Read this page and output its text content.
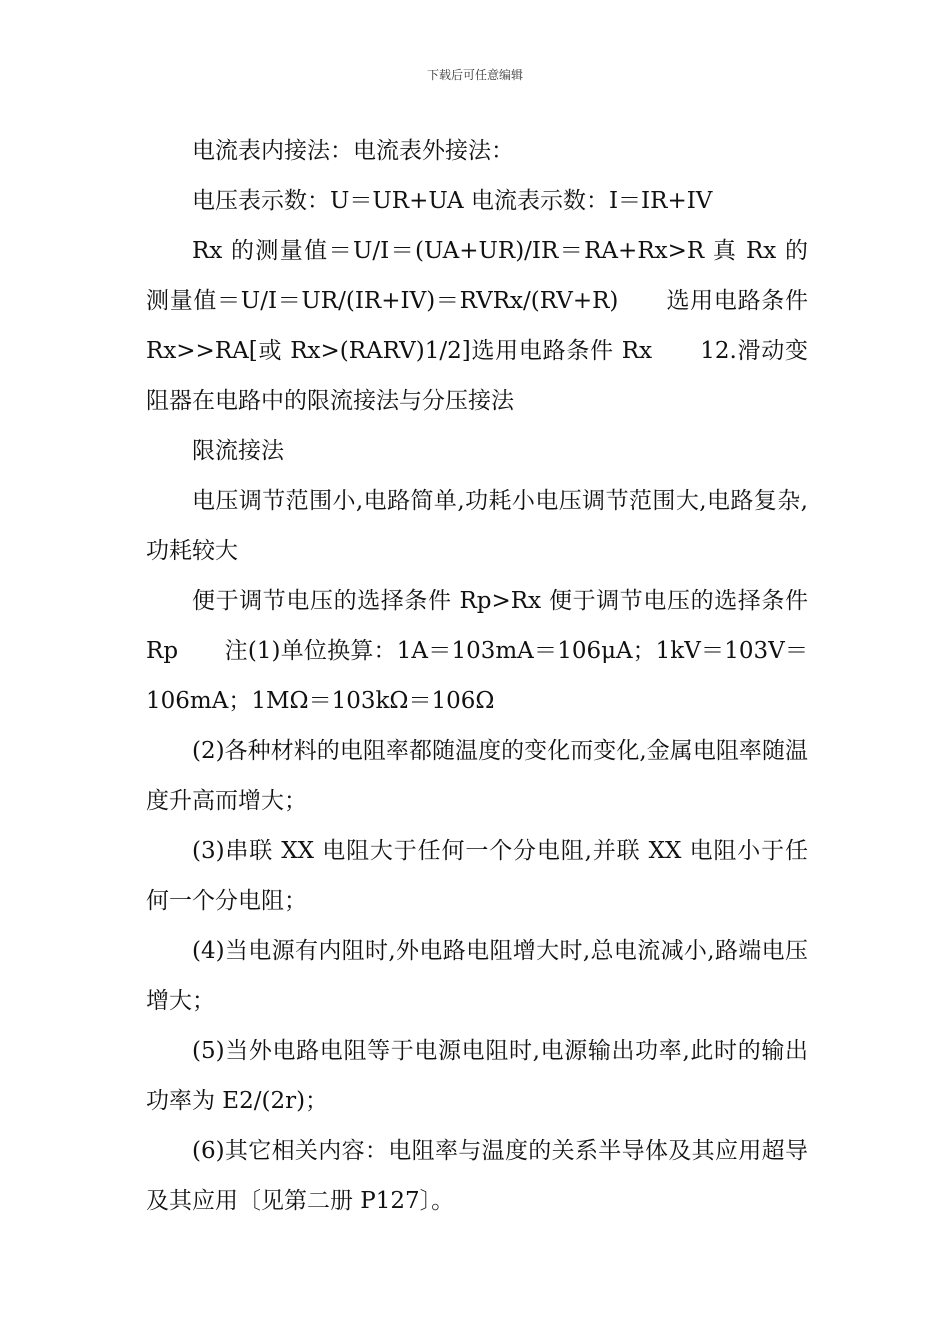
下载后可任意编辑

电流表内接法：电流表外接法：

电压表示数：U＝UR+UA 电流表示数：I＝IR+IV

Rx 的测量值＝U/I＝(UA+UR)/IR＝RA+Rx>R 真 Rx 的测量值＝U/I＝UR/(IR+IV)＝RVRx/(RV+R)　　选用电路条件 Rx>>RA[或 Rx>(RARV)1/2]选用电路条件 Rx　　12.滑动变阻器在电路中的限流接法与分压接法

限流接法

电压调节范围小,电路简单,功耗小电压调节范围大,电路复杂,功耗较大

便于调节电压的选择条件 Rp>Rx 便于调节电压的选择条件 Rp　　注(1)单位换算：1A＝103mA＝106μA；1kV＝103V＝106mA；1MΩ＝103kΩ＝106Ω

(2)各种材料的电阻率都随温度的变化而变化,金属电阻率随温度升高而增大；

(3)串联 XX 电阻大于任何一个分电阻,并联 XX 电阻小于任何一个分电阻；

(4)当电源有内阻时,外电路电阻增大时,总电流减小,路端电压增大；

(5)当外电路电阻等于电源电阻时,电源输出功率,此时的输出功率为 E2/(2r)；

(6)其它相关内容：电阻率与温度的关系半导体及其应用超导及其应用〔见第二册 P127〕。
